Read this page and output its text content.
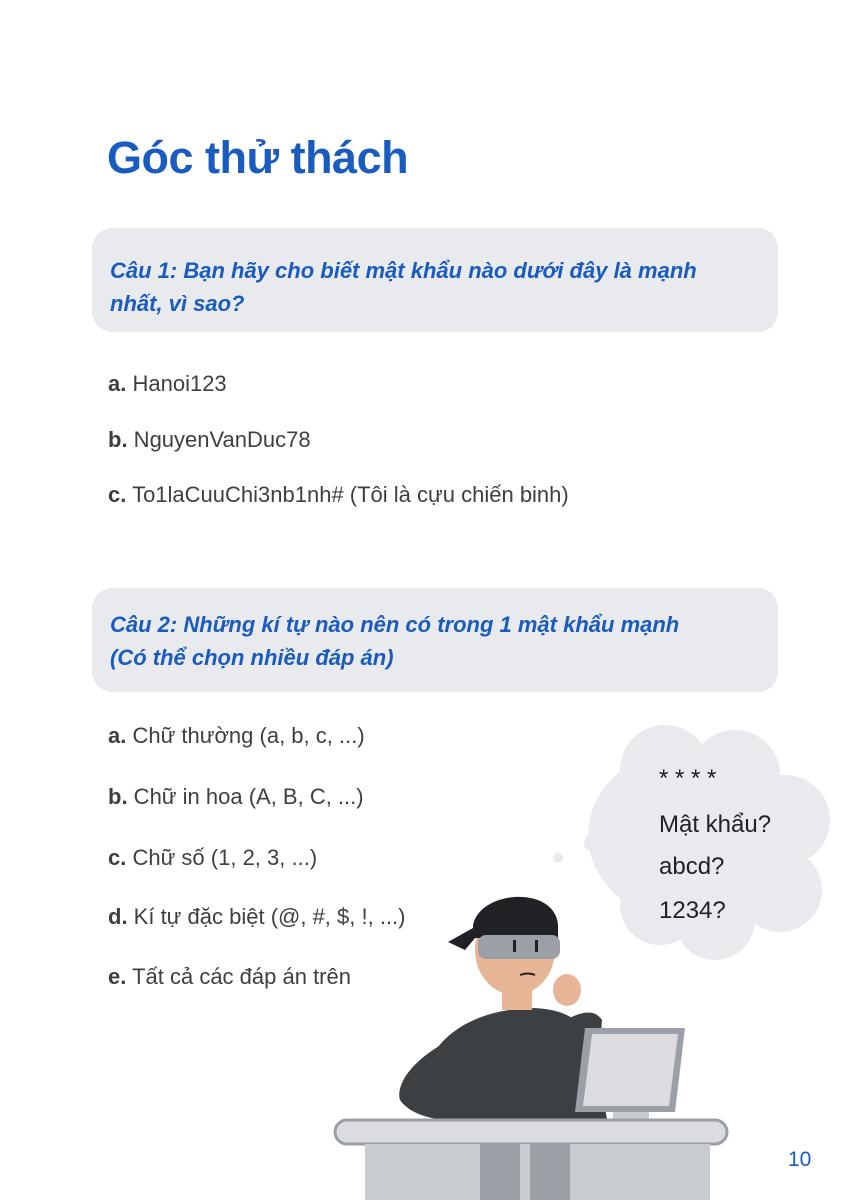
Góc thử thách
Câu 1: Bạn hãy cho biết mật khẩu nào dưới đây là mạnh
nhất, vì sao?
a. Hanoi123
b. NguyenVanDuc78
c. To1laCuuChi3nb1nh# (Tôi là cựu chiến binh)
Câu 2: Những kí tự nào nên có trong 1 mật khẩu mạnh
(Có thể chọn nhiều đáp án)
a. Chữ thường (a, b, c, ...)
b. Chữ in hoa (A, B, C, ...)
c. Chữ số (1, 2, 3, ...)
d. Kí tự đặc biệt (@, #, $, !, ...)
e. Tất cả các đáp án trên
* * * *
Mật khẩu?
abcd?
1234?
10
